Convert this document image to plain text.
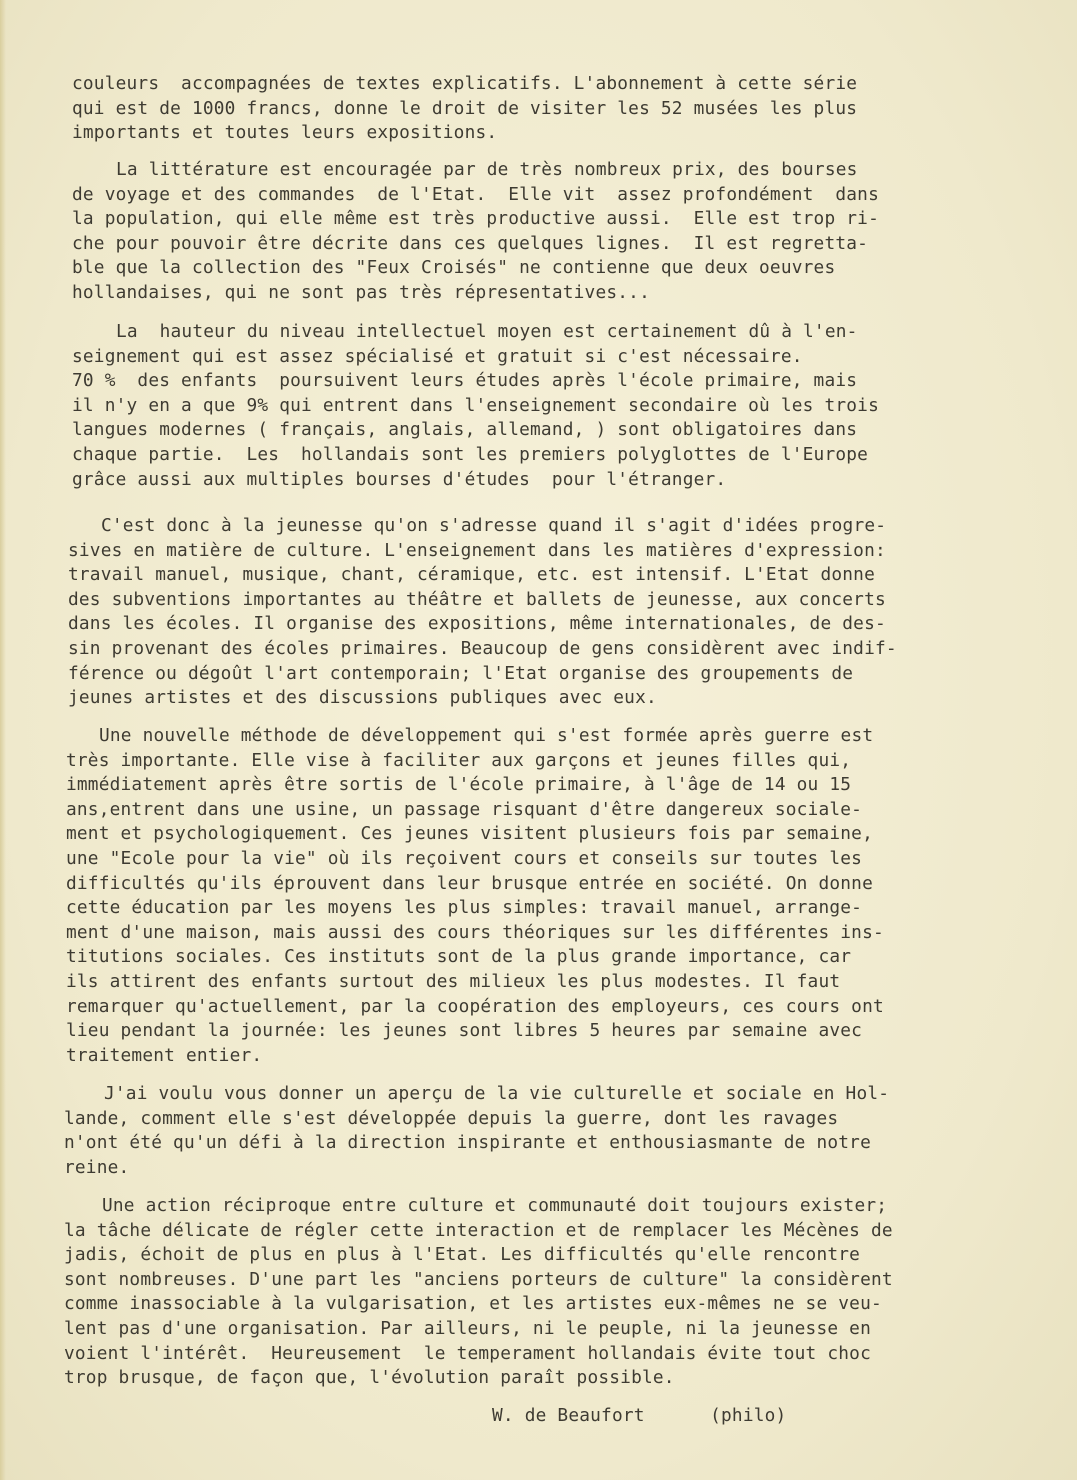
couleurs  accompagnées de textes explicatifs. L'abonnement à cette série
qui est de 1000 francs, donne le droit de visiter les 52 musées les plus
importants et toutes leurs expositions.
La littérature est encouragée par de très nombreux prix, des bourses
de voyage et des commandes  de l'Etat.  Elle vit  assez profondément  dans
la population, qui elle même est très productive aussi.  Elle est trop ri-
che pour pouvoir être décrite dans ces quelques lignes.  Il est regretta-
ble que la collection des "Feux Croisés" ne contienne que deux oeuvres
hollandaises, qui ne sont pas très répresentatives...
La  hauteur du niveau intellectuel moyen est certainement dû à l'en-
seignement qui est assez spécialisé et gratuit si c'est nécessaire.
70 %  des enfants  poursuivent leurs études après l'école primaire, mais
il n'y en a que 9% qui entrent dans l'enseignement secondaire où les trois
langues modernes ( français, anglais, allemand, ) sont obligatoires dans
chaque partie.  Les  hollandais sont les premiers polyglottes de l'Europe
grâce aussi aux multiples bourses d'études  pour l'étranger.
C'est donc à la jeunesse qu'on s'adresse quand il s'agit d'idées progre-
sives en matière de culture. L'enseignement dans les matières d'expression:
travail manuel, musique, chant, céramique, etc. est intensif. L'Etat donne
des subventions importantes au théâtre et ballets de jeunesse, aux concerts
dans les écoles. Il organise des expositions, même internationales, de des-
sin provenant des écoles primaires. Beaucoup de gens considèrent avec indif-
férence ou dégoût l'art contemporain; l'Etat organise des groupements de
jeunes artistes et des discussions publiques avec eux.
Une nouvelle méthode de développement qui s'est formée après guerre est
très importante. Elle vise à faciliter aux garçons et jeunes filles qui,
immédiatement après être sortis de l'école primaire, à l'âge de 14 ou 15
ans,entrent dans une usine, un passage risquant d'être dangereux sociale-
ment et psychologiquement. Ces jeunes visitent plusieurs fois par semaine,
une "Ecole pour la vie" où ils reçoivent cours et conseils sur toutes les
difficultés qu'ils éprouvent dans leur brusque entrée en société. On donne
cette éducation par les moyens les plus simples: travail manuel, arrange-
ment d'une maison, mais aussi des cours théoriques sur les différentes ins-
titutions sociales. Ces instituts sont de la plus grande importance, car
ils attirent des enfants surtout des milieux les plus modestes. Il faut
remarquer qu'actuellement, par la coopération des employeurs, ces cours ont
lieu pendant la journée: les jeunes sont libres 5 heures par semaine avec
traitement entier.
J'ai voulu vous donner un aperçu de la vie culturelle et sociale en Hol-
lande, comment elle s'est développée depuis la guerre, dont les ravages
n'ont été qu'un défi à la direction inspirante et enthousiasmante de notre
reine.
Une action réciproque entre culture et communauté doit toujours exister;
la tâche délicate de régler cette interaction et de remplacer les Mécènes de
jadis, échoit de plus en plus à l'Etat. Les difficultés qu'elle rencontre
sont nombreuses. D'une part les "anciens porteurs de culture" la considèrent
comme inassociable à la vulgarisation, et les artistes eux-mêmes ne se veu-
lent pas d'une organisation. Par ailleurs, ni le peuple, ni la jeunesse en
voient l'intérêt.  Heureusement  le temperament hollandais évite tout choc
trop brusque, de façon que, l'évolution paraît possible.
W. de Beaufort      (philo)
